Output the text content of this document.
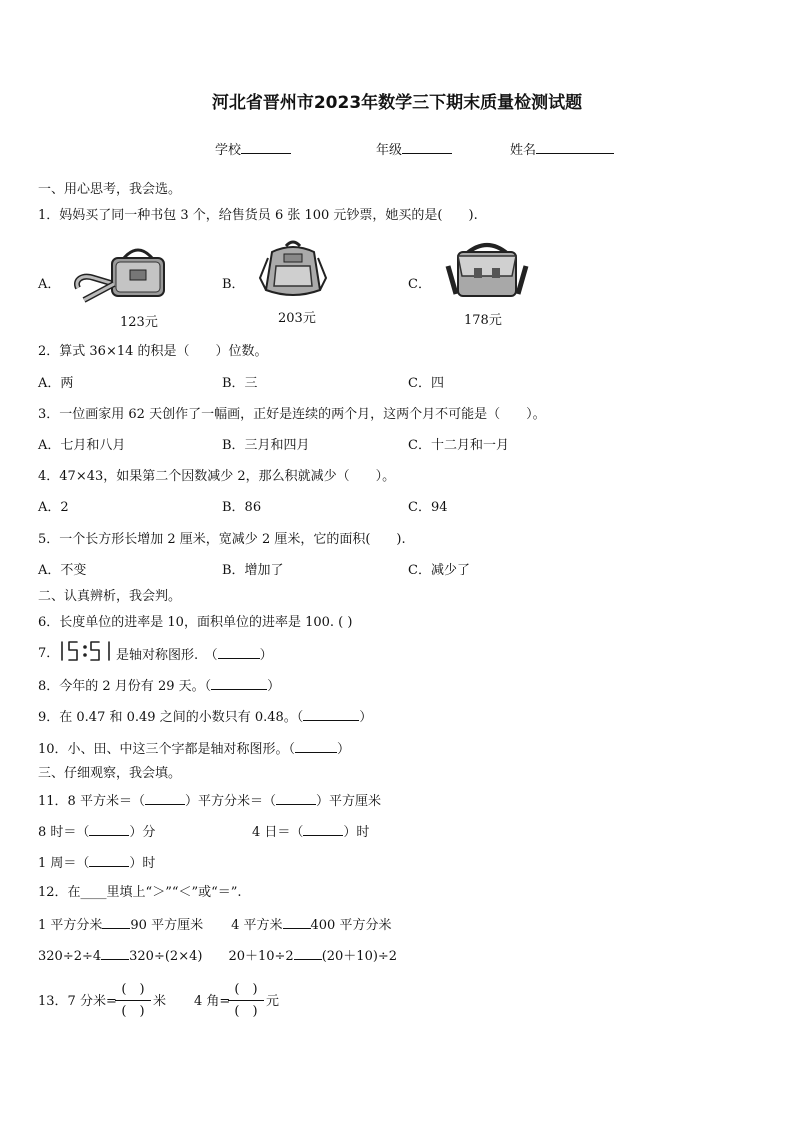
河北省晋州市2023年数学三下期末质量检测试题
学校	年级	姓名
一、用心思考，我会选。
1．妈妈买了同一种书包 3 个，给售货员 6 张 100 元钞票，她买的是(　　).
A．
123元
B．
203元
C．
178元
2．算式 36×14 的积是（　　）位数。
A．两	B．三	C．四
3．一位画家用 62 天创作了一幅画，正好是连续的两个月，这两个月不可能是（　　）。
A．七月和八月	B．三月和四月	C．十二月和一月
4．47×43，如果第二个因数减少 2，那么积就减少（　　）。
A．2	B．86	C．94
5．一个长方形长增加 2 厘米，宽减少 2 厘米，它的面积(　　).
A．不变	B．增加了	C．减少了
二、认真辨析，我会判。
6．长度单位的进率是 10，面积单位的进率是 100. ( )
7．	是轴对称图形.　（	）
8．今年的 2 月份有 29 天。（	）
9．在 0.47 和 0.49 之间的小数只有 0.48。（	）
10．小、田、中这三个字都是轴对称图形。（	）
三、仔细观察，我会填。
11．8 平方米＝（	）平方分米＝（	）平方厘米
8 时＝（	）分	4 日＝（	）时
1 周＝（	）时
12．在____里填上“＞”“＜”或“＝”.
1 平方分米 90 平方厘米 4 平方米 400 平方分米
320÷2÷4 320÷(2×4) 20＋10÷2 (20＋10)÷2
13．7 分米=
(　)
(　)
米 4 角=
(　)
(　)
元
